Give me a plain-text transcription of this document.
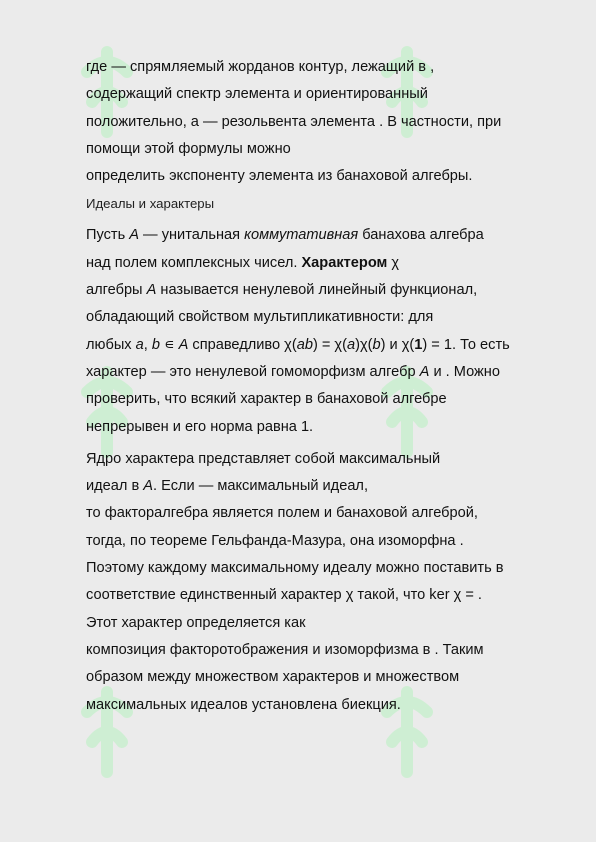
где — спрямляемый жорданов контур, лежащий в ,
содержащий спектр элемента и ориентированный
положительно, а — резольвента элемента . В частности, при
помощи этой формулы можно
определить экспоненту элемента из банаховой алгебры.
Идеалы и характеры
Пусть A — унитальная коммутативная банахова алгебра
над полем комплексных чисел. Характером χ
алгебры A называется ненулевой линейный функционал,
обладающий свойством мультипликативности: для
любых a, b ∊ A справедливо χ(ab) = χ(a)χ(b) и χ(1) = 1. То есть
характер — это ненулевой гомоморфизм алгебр A и . Можно
проверить, что всякий характер в банаховой алгебре
непрерывен и его норма равна 1.
Ядро характера представляет собой максимальный
идеал в A. Если — максимальный идеал,
то факторалгебра является полем и банаховой алгеброй,
тогда, по теореме Гельфанда-Мазура, она изоморфна .
Поэтому каждому максимальному идеалу можно поставить в
соответствие единственный характер χ такой, что ker χ = .
Этот характер определяется как
композиция факторотображения и изоморфизма в . Таким
образом между множеством характеров и множеством
максимальных идеалов установлена биекция.
